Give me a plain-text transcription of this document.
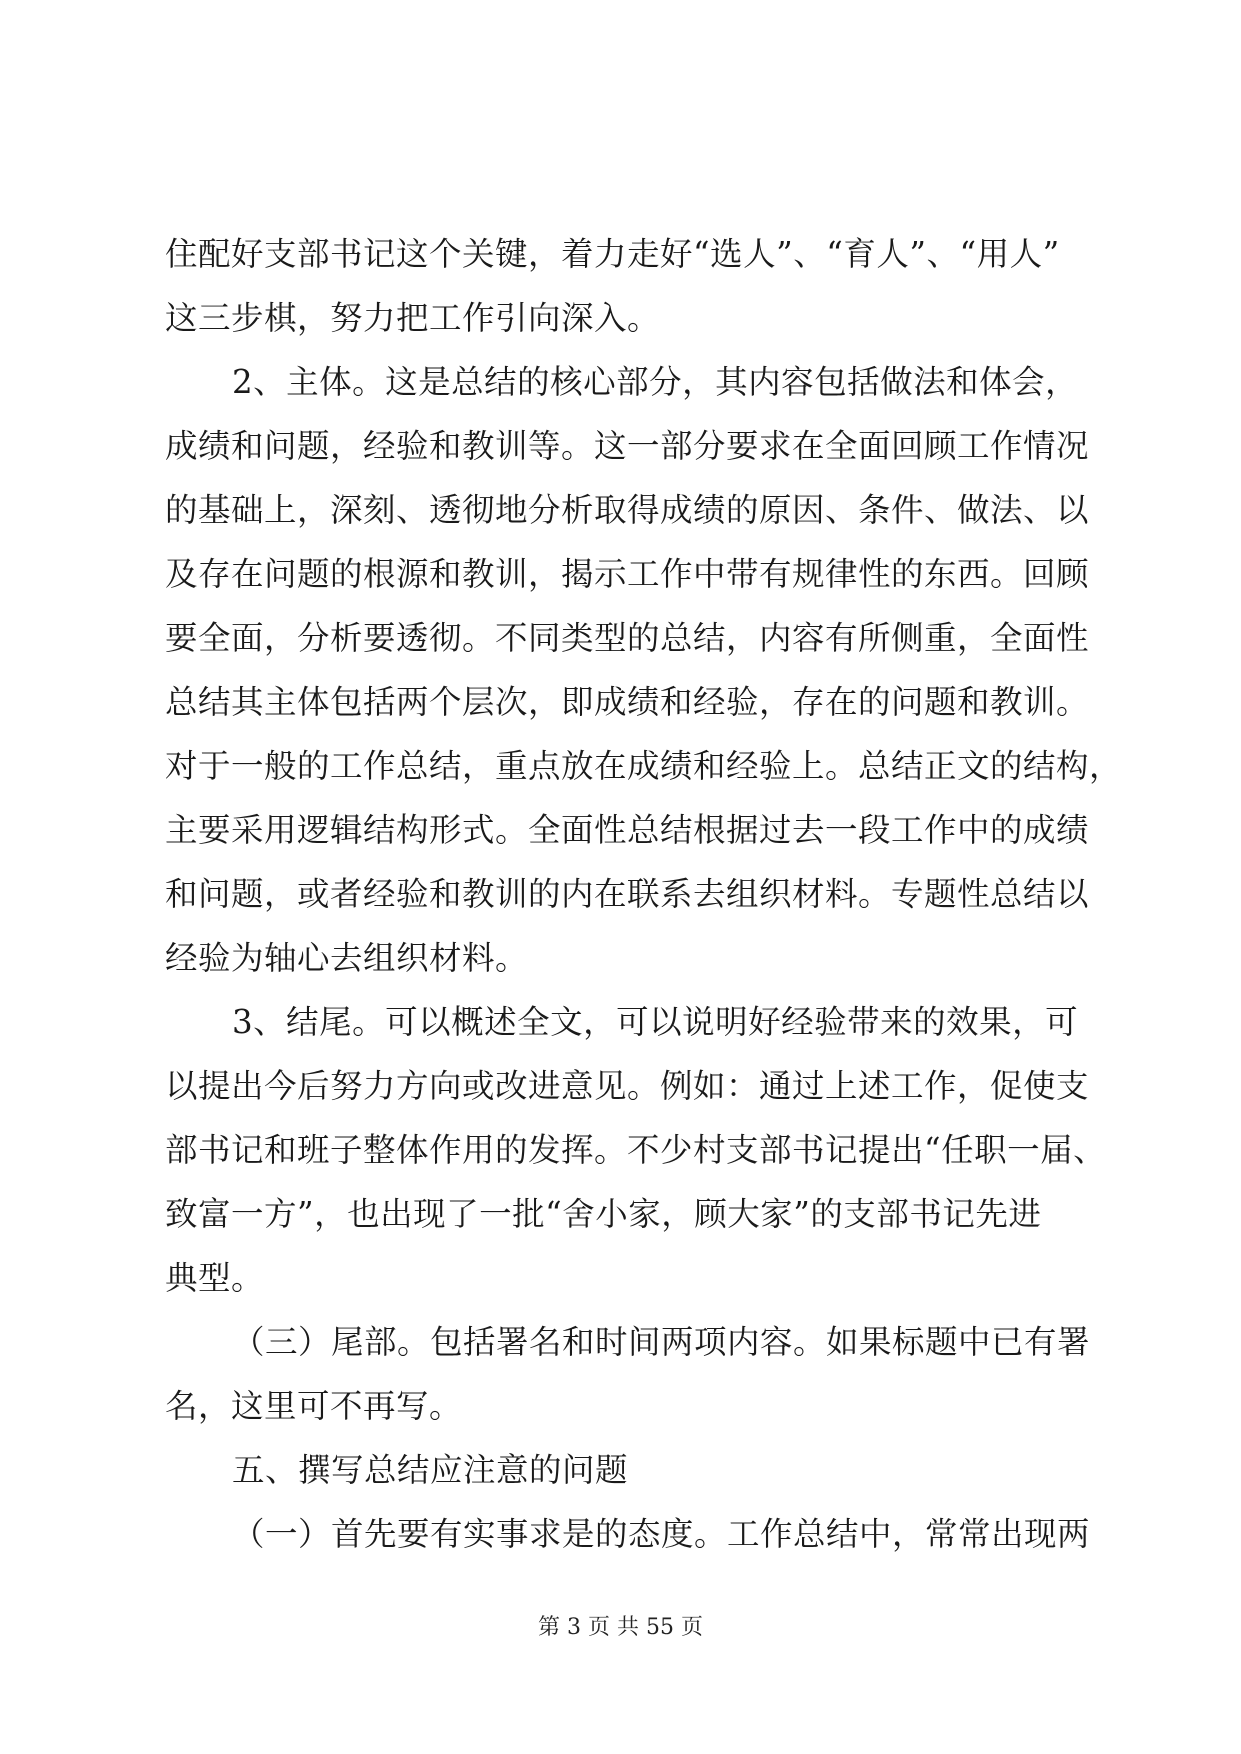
住配好支部书记这个关键，着力走好“选人”、“育人”、“用人”
这三步棋，努力把工作引向深入。
2、主体。这是总结的核心部分，其内容包括做法和体会，
成绩和问题，经验和教训等。这一部分要求在全面回顾工作情况
的基础上，深刻、透彻地分析取得成绩的原因、条件、做法、以
及存在问题的根源和教训，揭示工作中带有规律性的东西。回顾
要全面，分析要透彻。不同类型的总结，内容有所侧重，全面性
总结其主体包括两个层次，即成绩和经验，存在的问题和教训。
对于一般的工作总结，重点放在成绩和经验上。总结正文的结构，
主要采用逻辑结构形式。全面性总结根据过去一段工作中的成绩
和问题，或者经验和教训的内在联系去组织材料。专题性总结以
经验为轴心去组织材料。
3、结尾。可以概述全文，可以说明好经验带来的效果，可
以提出今后努力方向或改进意见。例如：通过上述工作，促使支
部书记和班子整体作用的发挥。不少村支部书记提出“任职一届、
致富一方”，也出现了一批“舍小家，顾大家”的支部书记先进
典型。
（三）尾部。包括署名和时间两项内容。如果标题中已有署
名，这里可不再写。
五、撰写总结应注意的问题
（一）首先要有实事求是的态度。工作总结中，常常出现两
第 3 页 共 55 页
